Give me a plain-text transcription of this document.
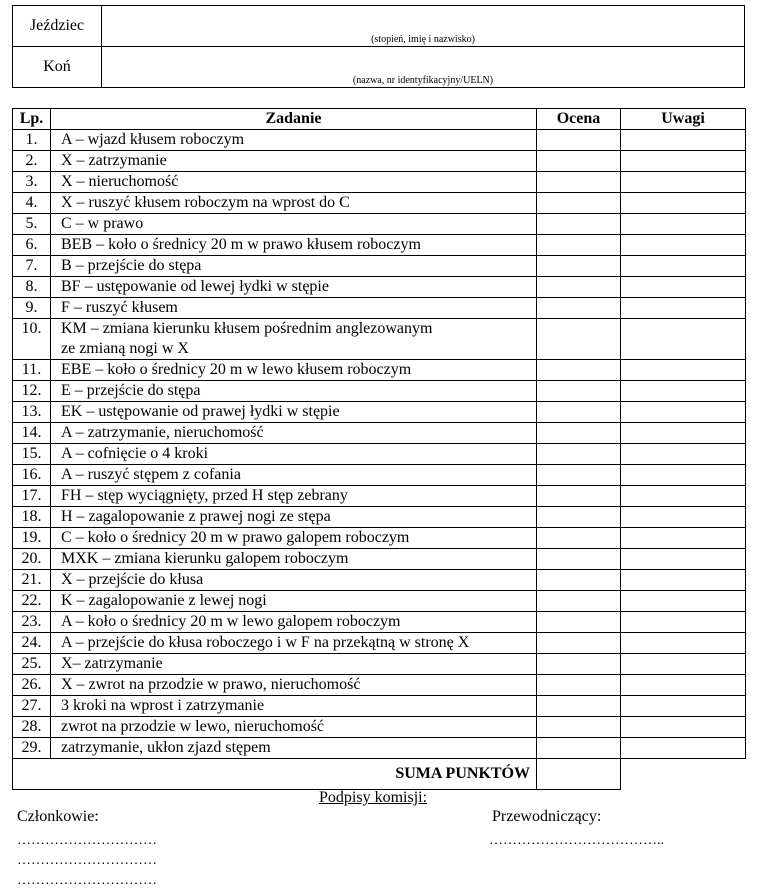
Jeździec	(stopień, imię i nazwisko)

Koń	(nazwa, nr identyfikacyjny/UELN)
Lp.	Zadanie	Ocena	Uwagi
1.	A – wjazd kłusem roboczym		
2.	X – zatrzymanie		
3.	X – nieruchomość		
4.	X – ruszyć kłusem roboczym na wprost do C		
5.	C – w prawo		
6.	BEB – koło o średnicy 20 m w prawo kłusem roboczym		
7.	B – przejście do stępa		
8.	BF – ustępowanie od lewej łydki w stępie		
9.	F – ruszyć kłusem		
10.	KM – zmiana kierunku kłusem pośrednim anglezowanym
ze zmianą nogi w X		

11.	EBE – koło o średnicy 20 m w lewo kłusem roboczym		
12.	E – przejście do stępa		
13.	EK – ustępowanie od prawej łydki w stępie		
14.	A – zatrzymanie, nieruchomość		
15.	A – cofnięcie o 4 kroki		
16.	A – ruszyć stępem z cofania		
17.	FH – stęp wyciągnięty, przed H stęp zebrany		
18.	H – zagalopowanie z prawej nogi ze stępa		
19.	C – koło o średnicy 20 m w prawo galopem roboczym		
20.	MXK – zmiana kierunku galopem roboczym		
21.	X – przejście do kłusa		
22.	K – zagalopowanie z lewej nogi		
23.	A – koło o średnicy 20 m w lewo galopem roboczym		
24.	A – przejście do kłusa roboczego i w F na przekątną w stronę X		
25.	X– zatrzymanie		
26.	X – zwrot na przodzie w prawo, nieruchomość		
27.	3 kroki na wprost i zatrzymanie		
28.	zwrot na przodzie w lewo, nieruchomość		
29.	zatrzymanie, ukłon zjazd stępem		
SUMA PUNKTÓW			
Podpisy komisji:
Członkowie:	Przewodniczący:
…………………………
…………………………
…………………………
………………………………..
